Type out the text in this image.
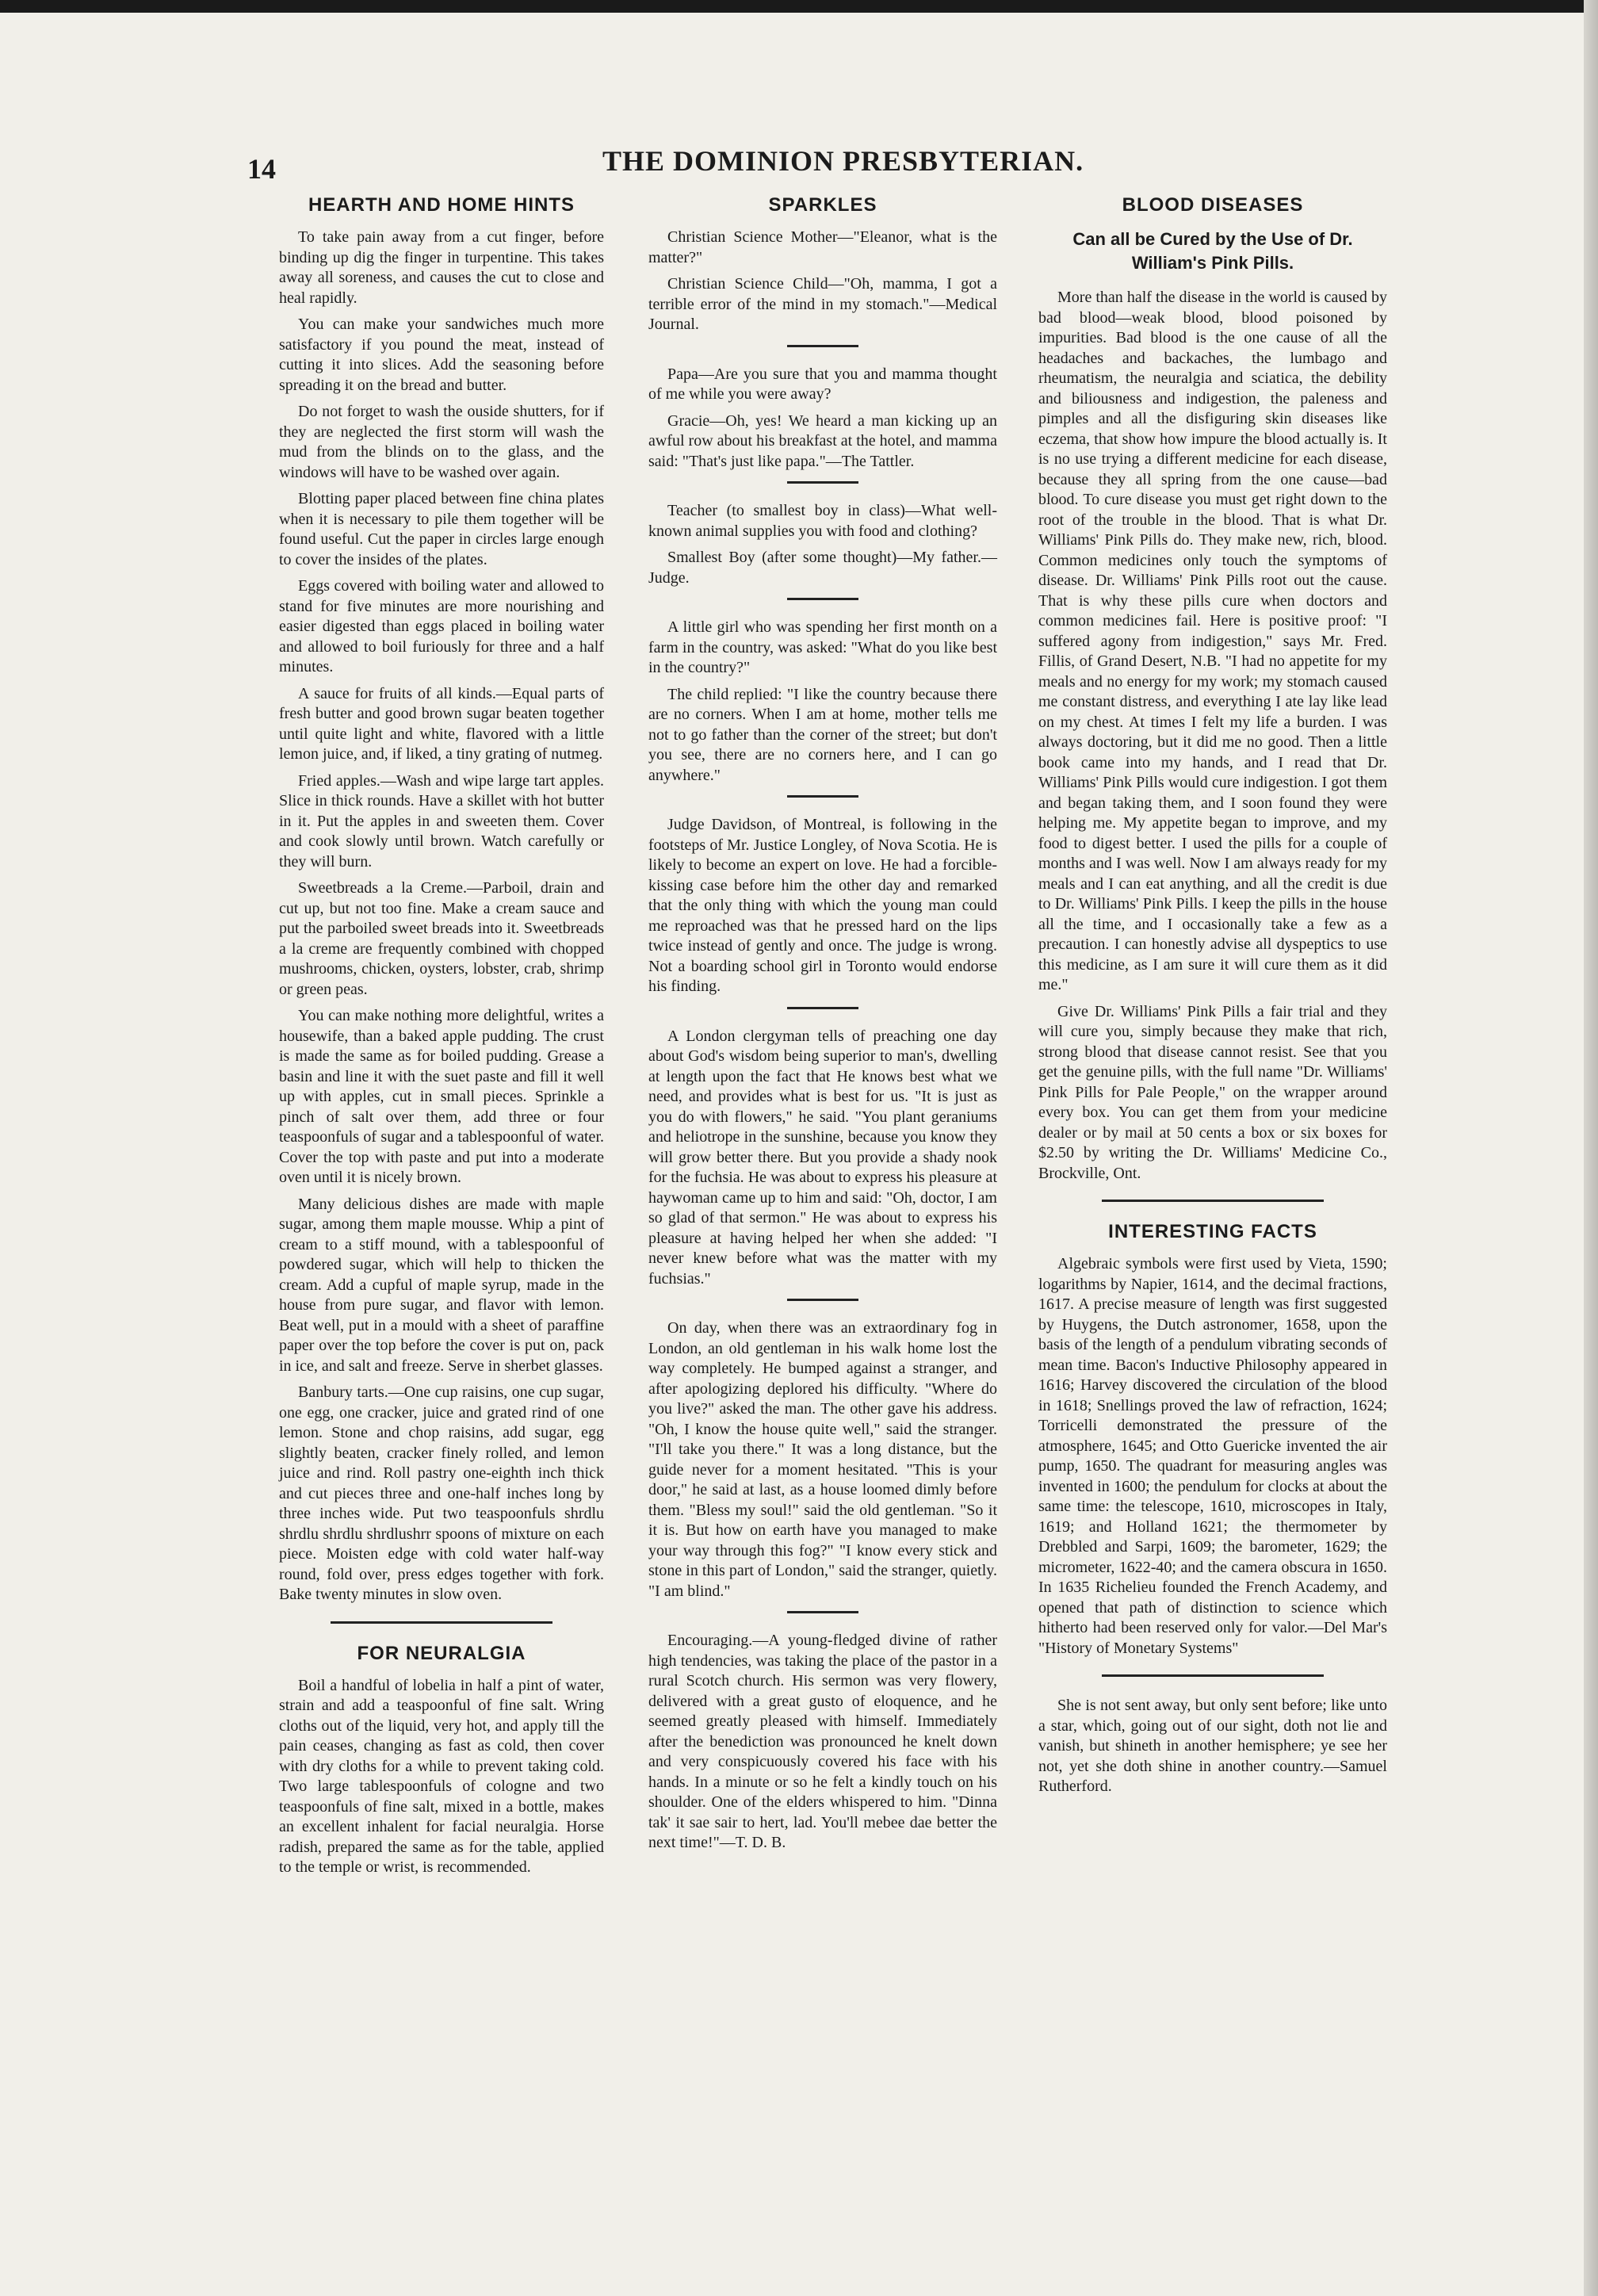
14	THE DOMINION PRESBYTERIAN.
HEARTH AND HOME HINTS

To take pain away from a cut finger, before binding up dig the finger in turpentine. This takes away all soreness, and causes the cut to close and heal rapidly.

You can make your sandwiches much more satisfactory if you pound the meat, instead of cutting it into slices. Add the seasoning before spreading it on the bread and butter.

Do not forget to wash the ouside shutters, for if they are neglected the first storm will wash the mud from the blinds on to the glass, and the windows will have to be washed over again.

Blotting paper placed between fine china plates when it is necessary to pile them together will be found useful. Cut the paper in circles large enough to cover the insides of the plates.

Eggs covered with boiling water and allowed to stand for five minutes are more nourishing and easier digested than eggs placed in boiling water and allowed to boil furiously for three and a half minutes.

A sauce for fruits of all kinds.—Equal parts of fresh butter and good brown sugar beaten together until quite light and white, flavored with a little lemon juice, and, if liked, a tiny grating of nutmeg.

Fried apples.—Wash and wipe large tart apples. Slice in thick rounds. Have a skillet with hot butter in it. Put the apples in and sweeten them. Cover and cook slowly until brown. Watch carefully or they will burn.

Sweetbreads a la Creme.—Parboil, drain and cut up, but not too fine. Make a cream sauce and put the parboiled sweet breads into it. Sweetbreads a la creme are frequently combined with chopped mushrooms, chicken, oysters, lobster, crab, shrimp or green peas.

You can make nothing more delightful, writes a housewife, than a baked apple pudding. The crust is made the same as for boiled pudding. Grease a basin and line it with the suet paste and fill it well up with apples, cut in small pieces. Sprinkle a pinch of salt over them, add three or four teaspoonfuls of sugar and a tablespoonful of water. Cover the top with paste and put into a moderate oven until it is nicely brown.

Many delicious dishes are made with maple sugar, among them maple mousse. Whip a pint of cream to a stiff mound, with a tablespoonful of powdered sugar, which will help to thicken the cream. Add a cupful of maple syrup, made in the house from pure sugar, and flavor with lemon. Beat well, put in a mould with a sheet of paraffine paper over the top before the cover is put on, pack in ice, and salt and freeze. Serve in sherbet glasses.

Banbury tarts.—One cup raisins, one cup sugar, one egg, one cracker, juice and grated rind of one lemon. Stone and chop raisins, add sugar, egg slightly beaten, cracker finely rolled, and lemon juice and rind. Roll pastry one-eighth inch thick and cut pieces three and one-half inches long by three inches wide. Put two teaspoonfuls shrdlu shrdlu shrdlu shrdlushrr spoons of mixture on each piece. Moisten edge with cold water half-way round, fold over, press edges together with fork. Bake twenty minutes in slow oven.

FOR NEURALGIA

Boil a handful of lobelia in half a pint of water, strain and add a teaspoonful of fine salt. Wring cloths out of the liquid, very hot, and apply till the pain ceases, changing as fast as cold, then cover with dry cloths for a while to prevent taking cold. Two large tablespoonfuls of cologne and two teaspoonfuls of fine salt, mixed in a bottle, makes an excellent inhalent for facial neuralgia. Horse radish, prepared the same as for the table, applied to the temple or wrist, is recommended.

SPARKLES

Christian Science Mother—"Eleanor, what is the matter?"

Christian Science Child—"Oh, mamma, I got a terrible error of the mind in my stomach."—Medical Journal.

Papa—Are you sure that you and mamma thought of me while you were away?

Gracie—Oh, yes! We heard a man kicking up an awful row about his breakfast at the hotel, and mamma said: "That's just like papa."—The Tattler.

Teacher (to smallest boy in class)—What well-known animal supplies you with food and clothing?

Smallest Boy (after some thought)—My father.—Judge.

A little girl who was spending her first month on a farm in the country, was asked: "What do you like best in the country?"

The child replied: "I like the country because there are no corners. When I am at home, mother tells me not to go father than the corner of the street; but don't you see, there are no corners here, and I can go anywhere."

Judge Davidson, of Montreal, is following in the footsteps of Mr. Justice Longley, of Nova Scotia. He is likely to become an expert on love. He had a forcible-kissing case before him the other day and remarked that the only thing with which the young man could me reproached was that he pressed hard on the lips twice instead of gently and once. The judge is wrong. Not a boarding school girl in Toronto would endorse his finding.

A London clergyman tells of preaching one day about God's wisdom being superior to man's, dwelling at length upon the fact that He knows best what we need, and provides what is best for us. "It is just as you do with flowers," he said. "You plant geraniums and heliotrope in the sunshine, because you know they will grow better there. But you provide a shady nook for the fuchsia. He was about to express his pleasure at haywoman came up to him and said: "Oh, doctor, I am so glad of that sermon." He was about to express his pleasure at having helped her when she added: "I never knew before what was the matter with my fuchsias."

On day, when there was an extraordinary fog in London, an old gentleman in his walk home lost the way completely. He bumped against a stranger, and after apologizing deplored his difficulty. "Where do you live?" asked the man. The other gave his address. "Oh, I know the house quite well," said the stranger. "I'll take you there." It was a long distance, but the guide never for a moment hesitated. "This is your door," he said at last, as a house loomed dimly before them. "Bless my soul!" said the old gentleman. "So it it is. But how on earth have you managed to make your way through this fog?" "I know every stick and stone in this part of London," said the stranger, quietly. "I am blind."

Encouraging.—A young-fledged divine of rather high tendencies, was taking the place of the pastor in a rural Scotch church. His sermon was very flowery, delivered with a great gusto of eloquence, and he seemed greatly pleased with himself. Immediately after the benediction was pronounced he knelt down and very conspicuously covered his face with his hands. In a minute or so he felt a kindly touch on his shoulder. One of the elders whispered to him. "Dinna tak' it sae sair to hert, lad. You'll mebee dae better the next time!"—T. D. B.

BLOOD DISEASES
Can all be Cured by the Use of Dr. William's Pink Pills.

More than half the disease in the world is caused by bad blood—weak blood, blood poisoned by impurities. Bad blood is the one cause of all the headaches and backaches, the lumbago and rheumatism, the neuralgia and sciatica, the debility and biliousness and indigestion, the paleness and pimples and all the disfiguring skin diseases like eczema, that show how impure the blood actually is. It is no use trying a different medicine for each disease, because they all spring from the one cause—bad blood. To cure disease you must get right down to the root of the trouble in the blood. That is what Dr. Williams' Pink Pills do. They make new, rich, blood. Common medicines only touch the symptoms of disease. Dr. Williams' Pink Pills root out the cause. That is why these pills cure when doctors and common medicines fail. Here is positive proof: "I suffered agony from indigestion," says Mr. Fred. Fillis, of Grand Desert, N.B. "I had no appetite for my meals and no energy for my work; my stomach caused me constant distress, and everything I ate lay like lead on my chest. At times I felt my life a burden. I was always doctoring, but it did me no good. Then a little book came into my hands, and I read that Dr. Williams' Pink Pills would cure indigestion. I got them and began taking them, and I soon found they were helping me. My appetite began to improve, and my food to digest better. I used the pills for a couple of months and I was well. Now I am always ready for my meals and I can eat anything, and all the credit is due to Dr. Williams' Pink Pills. I keep the pills in the house all the time, and I occasionally take a few as a precaution. I can honestly advise all dyspeptics to use this medicine, as I am sure it will cure them as it did me."

Give Dr. Williams' Pink Pills a fair trial and they will cure you, simply because they make that rich, strong blood that disease cannot resist. See that you get the genuine pills, with the full name "Dr. Williams' Pink Pills for Pale People," on the wrapper around every box. You can get them from your medicine dealer or by mail at 50 cents a box or six boxes for $2.50 by writing the Dr. Williams' Medicine Co., Brockville, Ont.

INTERESTING FACTS

Algebraic symbols were first used by Vieta, 1590; logarithms by Napier, 1614, and the decimal fractions, 1617. A precise measure of length was first suggested by Huygens, the Dutch astronomer, 1658, upon the basis of the length of a pendulum vibrating seconds of mean time. Bacon's Inductive Philosophy appeared in 1616; Harvey discovered the circulation of the blood in 1618; Snellings proved the law of refraction, 1624; Torricelli demonstrated the pressure of the atmosphere, 1645; and Otto Guericke invented the air pump, 1650. The quadrant for measuring angles was invented in 1600; the pendulum for clocks at about the same time: the telescope, 1610, microscopes in Italy, 1619; and Holland 1621; the thermometer by Drebbled and Sarpi, 1609; the barometer, 1629; the micrometer, 1622-40; and the camera obscura in 1650. In 1635 Richelieu founded the French Academy, and opened that path of distinction to science which hitherto had been reserved only for valor.—Del Mar's "History of Monetary Systems"

She is not sent away, but only sent before; like unto a star, which, going out of our sight, doth not lie and vanish, but shineth in another hemisphere; ye see her not, yet she doth shine in another country.—Samuel Rutherford.
